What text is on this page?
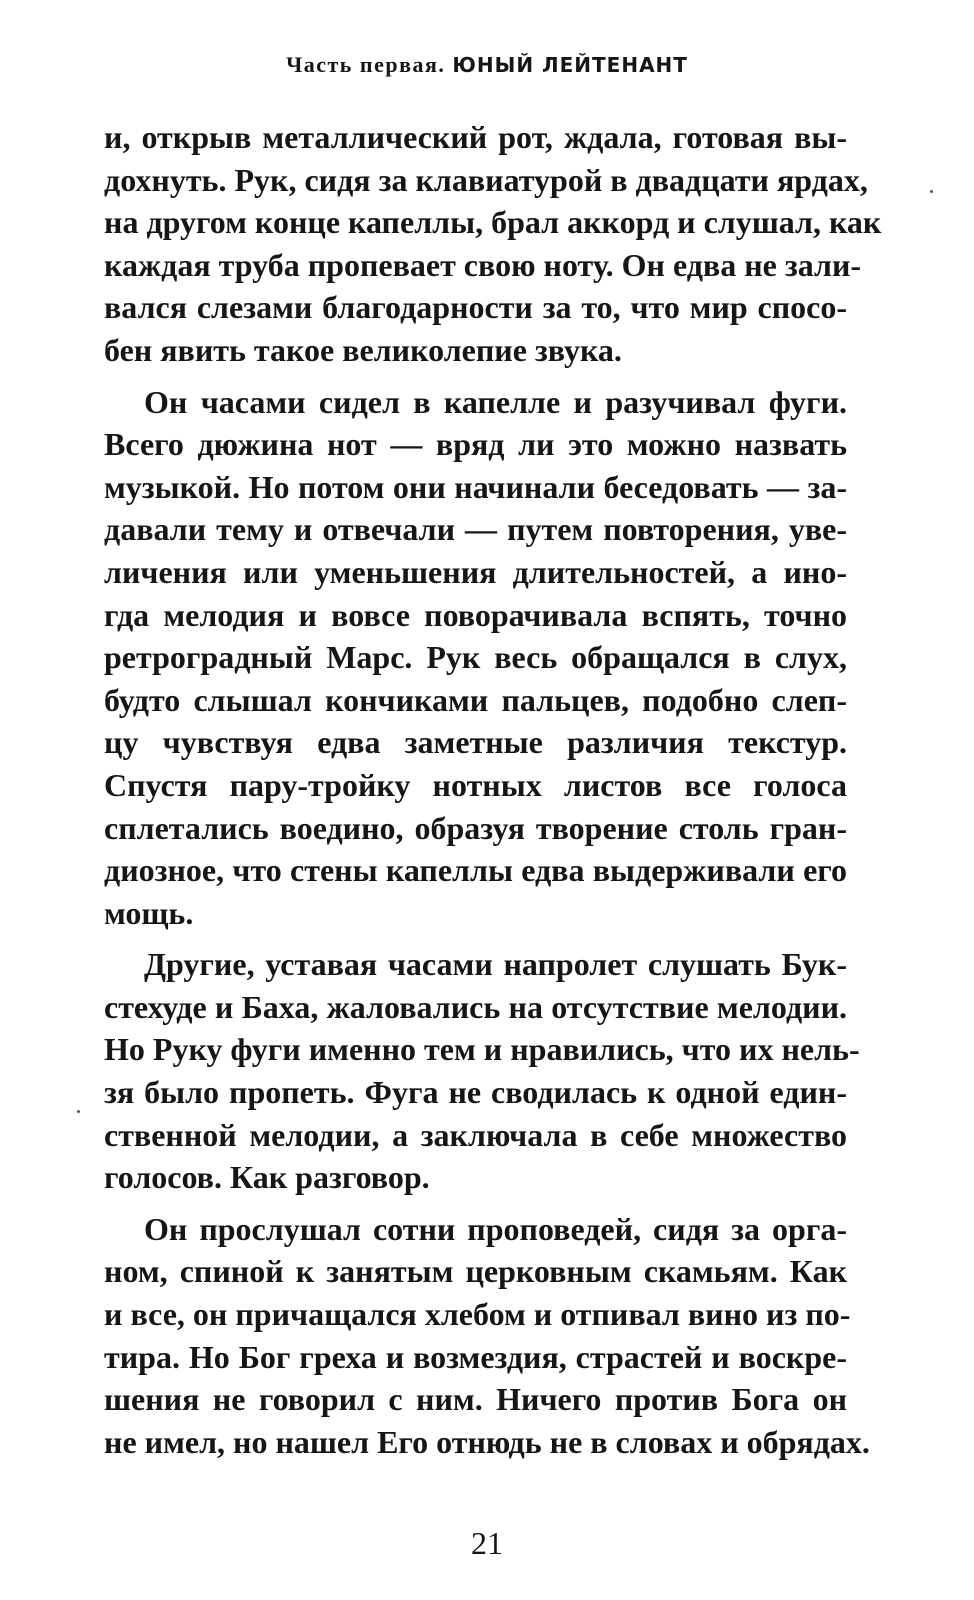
Часть первая. ЮНЫЙ ЛЕЙТЕНАНТ
и, открыв металлический рот, ждала, готовая вы-
дохнуть. Рук, сидя за клавиатурой в двадцати ярдах,
на другом конце капеллы, брал аккорд и слушал, как
каждая труба пропевает свою ноту. Он едва не зали-
вался слезами благодарности за то, что мир спосо-
бен явить такое великолепие звука.
Он часами сидел в капелле и разучивал фуги.
Всего дюжина нот — вряд ли это можно назвать
музыкой. Но потом они начинали беседовать — за-
давали тему и отвечали — путем повторения, уве-
личения или уменьшения длительностей, а ино-
гда мелодия и вовсе поворачивала вспять, точно
ретроградный Марс. Рук весь обращался в слух,
будто слышал кончиками пальцев, подобно слеп-
цу чувствуя едва заметные различия текстур.
Спустя пару-тройку нотных листов все голоса
сплетались воедино, образуя творение столь гран-
диозное, что стены капеллы едва выдерживали его
мощь.
Другие, уставая часами напролет слушать Бук-
стехуде и Баха, жаловались на отсутствие мелодии.
Но Руку фуги именно тем и нравились, что их нель-
зя было пропеть. Фуга не сводилась к одной един-
ственной мелодии, а заключала в себе множество
голосов. Как разговор.
Он прослушал сотни проповедей, сидя за орга-
ном, спиной к занятым церковным скамьям. Как
и все, он причащался хлебом и отпивал вино из по-
тира. Но Бог греха и возмездия, страстей и воскре-
шения не говорил с ним. Ничего против Бога он
не имел, но нашел Его отнюдь не в словах и обрядах.
21
